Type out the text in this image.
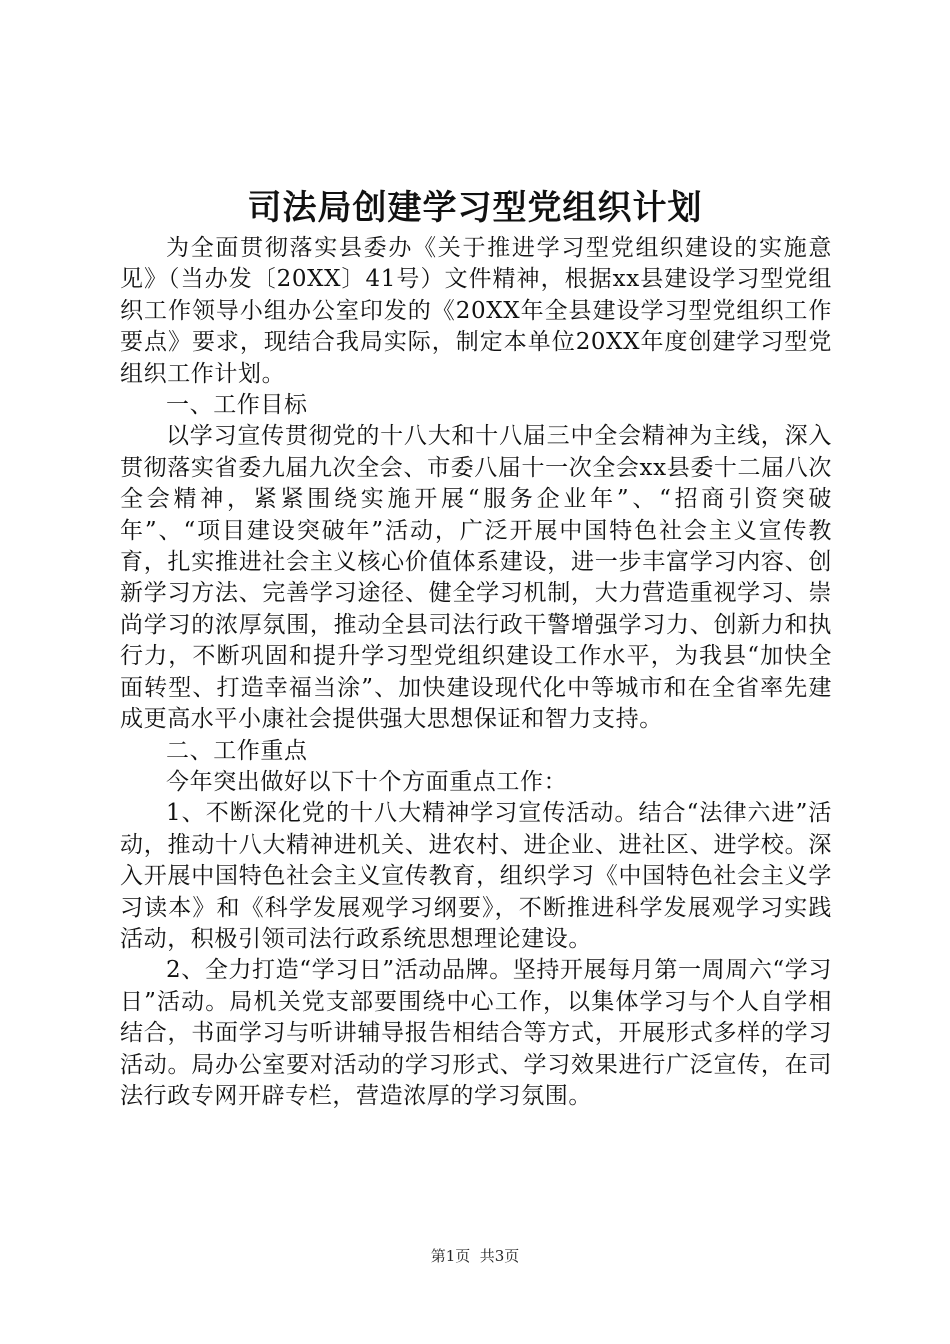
司法局创建学习型党组织计划

为全面贯彻落实县委办《关于推进学习型党组织建设的实施意见》（当办发〔20XX〕41号）文件精神，根据xx县建设学习型党组织工作领导小组办公室印发的《20XX年全县建设学习型党组织工作要点》要求，现结合我局实际，制定本单位20XX年度创建学习型党组织工作计划。

一、工作目标

以学习宣传贯彻党的十八大和十八届三中全会精神为主线，深入贯彻落实省委九届九次全会、市委八届十一次全会xx县委十二届八次全会精神，紧紧围绕实施开展“服务企业年”、“招商引资突破年”、“项目建设突破年”活动，广泛开展中国特色社会主义宣传教育，扎实推进社会主义核心价值体系建设，进一步丰富学习内容、创新学习方法、完善学习途径、健全学习机制，大力营造重视学习、崇尚学习的浓厚氛围，推动全县司法行政干警增强学习力、创新力和执行力，不断巩固和提升学习型党组织建设工作水平，为我县“加快全面转型、打造幸福当涂”、加快建设现代化中等城市和在全省率先建成更高水平小康社会提供强大思想保证和智力支持。

二、工作重点

今年突出做好以下十个方面重点工作：

1、不断深化党的十八大精神学习宣传活动。结合“法律六进”活动，推动十八大精神进机关、进农村、进企业、进社区、进学校。深入开展中国特色社会主义宣传教育，组织学习《中国特色社会主义学习读本》和《科学发展观学习纲要》，不断推进科学发展观学习实践活动，积极引领司法行政系统思想理论建设。

2、全力打造“学习日”活动品牌。坚持开展每月第一周周六“学习日”活动。局机关党支部要围绕中心工作，以集体学习与个人自学相结合，书面学习与听讲辅导报告相结合等方式，开展形式多样的学习活动。局办公室要对活动的学习形式、学习效果进行广泛宣传，在司法行政专网开辟专栏，营造浓厚的学习氛围。

第1页  共3页
